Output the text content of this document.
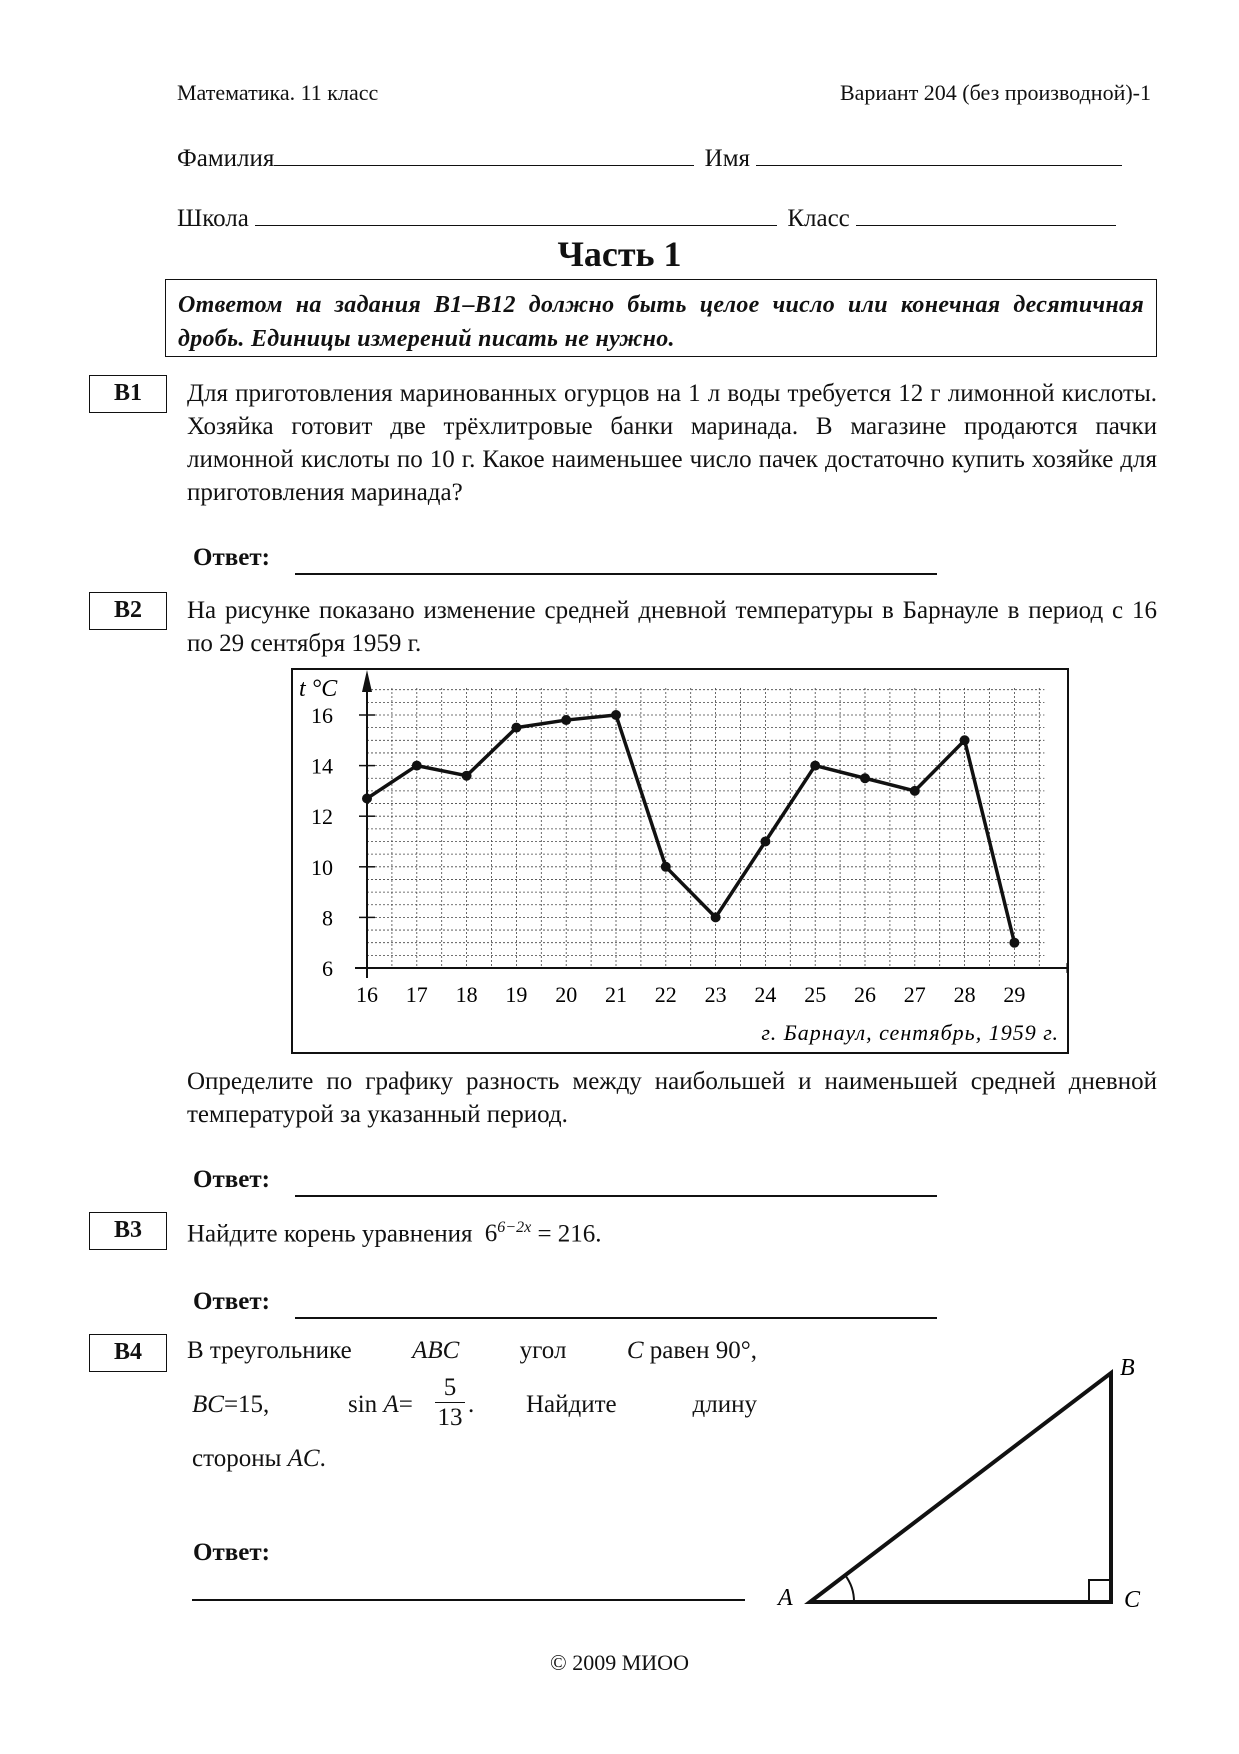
Математика. 11 класс	Вариант 204 (без производной)-1
Фамилия	Имя
Школа	Класс
Часть 1
Ответом на задания В1–В12 должно быть целое число или конечная десятичная дробь. Единицы измерений писать не нужно.
В1	Для приготовления маринованных огурцов на 1 л воды требуется 12 г лимонной кислоты. Хозяйка готовит две трёхлитровые банки маринада. В магазине продаются пачки лимонной кислоты по 10 г. Какое наименьшее число пачек достаточно купить хозяйке для приготовления маринада?
Ответ:
В2	На рисунке показано изменение средней дневной температуры в Барнауле в период с 16 по 29 сентября 1959 г.
6
8
10
12
14
16
16 17 18 19 20 21 22 23 24 25 26 27 28 29
t °C
г. Барнаул, сентябрь, 1959 г.
Определите по графику разность между наибольшей и наименьшей средней дневной температурой за указанный период.
Ответ:
В3	Найдите корень уравнения $6^{6-2x} = 216$.
Ответ:
В4	В треугольнике ABC угол C равен 90°,
BC=15,	$\sin A= \frac{5}{13}$ . Найдите	длину
стороны AC.
Ответ:
A
B
C
© 2009 МИОО
